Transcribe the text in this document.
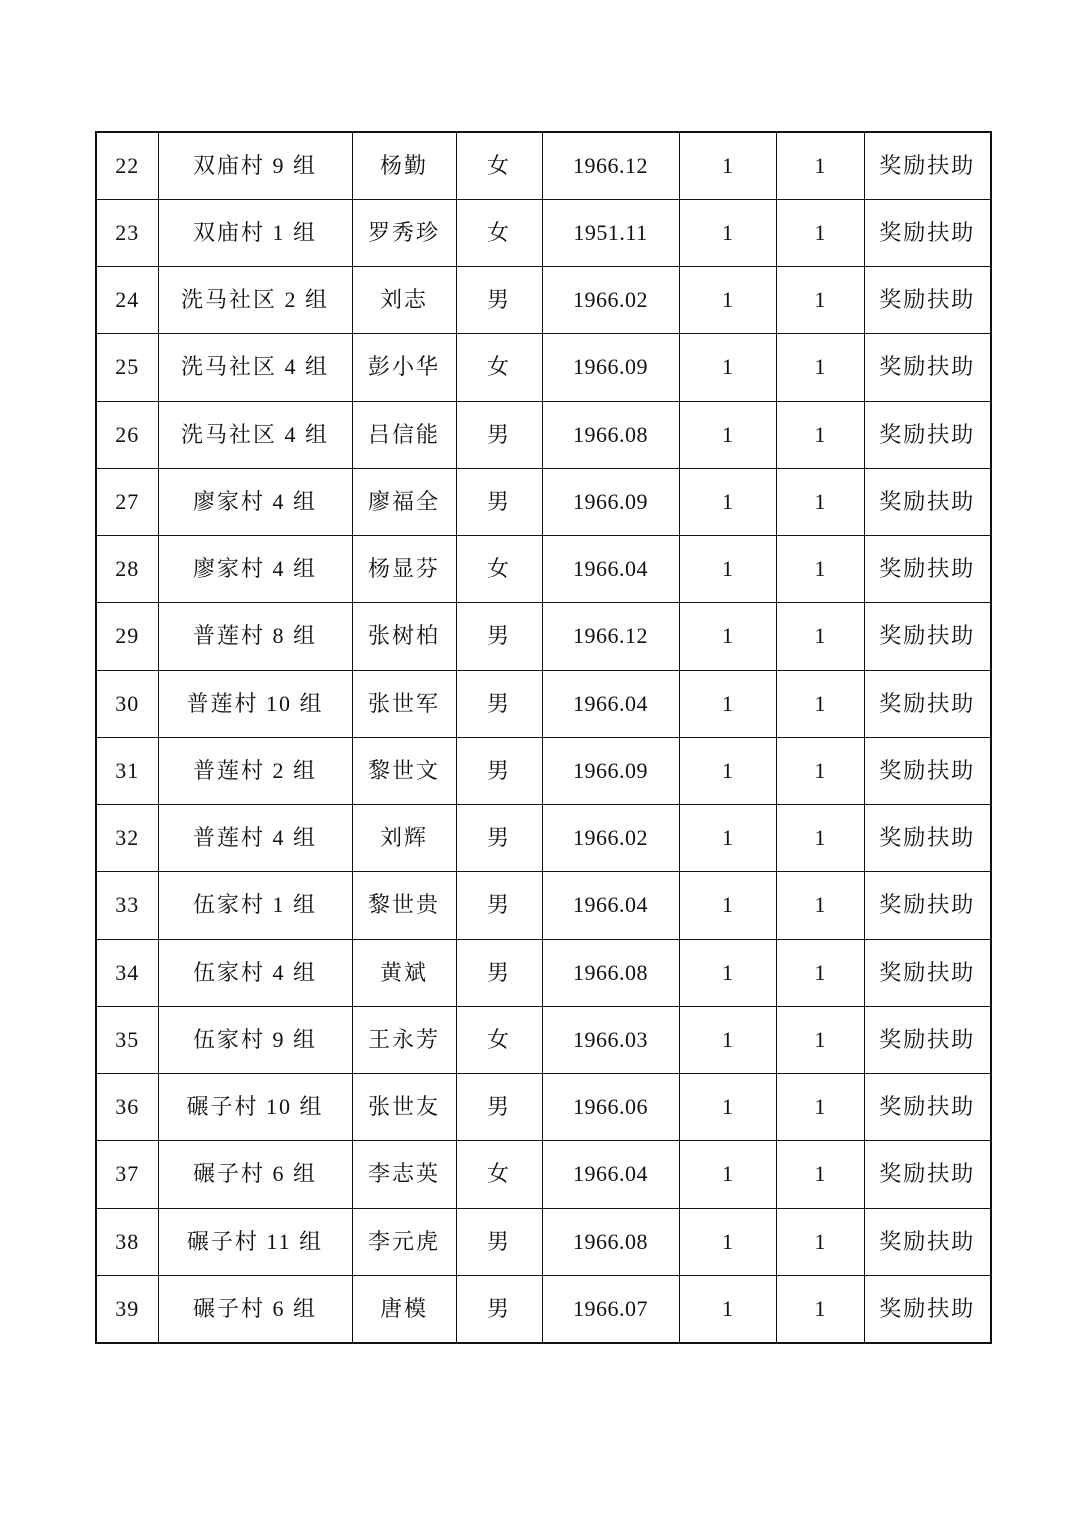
22	双庙村 9 组	杨勤	女	1966.12	1	1	奖励扶助
23	双庙村 1 组	罗秀珍	女	1951.11	1	1	奖励扶助
24	洗马社区 2 组	刘志	男	1966.02	1	1	奖励扶助
25	洗马社区 4 组	彭小华	女	1966.09	1	1	奖励扶助
26	洗马社区 4 组	吕信能	男	1966.08	1	1	奖励扶助
27	廖家村 4 组	廖福全	男	1966.09	1	1	奖励扶助
28	廖家村 4 组	杨显芬	女	1966.04	1	1	奖励扶助
29	普莲村 8 组	张树柏	男	1966.12	1	1	奖励扶助
30	普莲村 10 组	张世军	男	1966.04	1	1	奖励扶助
31	普莲村 2 组	黎世文	男	1966.09	1	1	奖励扶助
32	普莲村 4 组	刘辉	男	1966.02	1	1	奖励扶助
33	伍家村 1 组	黎世贵	男	1966.04	1	1	奖励扶助
34	伍家村 4 组	黄斌	男	1966.08	1	1	奖励扶助
35	伍家村 9 组	王永芳	女	1966.03	1	1	奖励扶助
36	碾子村 10 组	张世友	男	1966.06	1	1	奖励扶助
37	碾子村 6 组	李志英	女	1966.04	1	1	奖励扶助
38	碾子村 11 组	李元虎	男	1966.08	1	1	奖励扶助
39	碾子村 6 组	唐模	男	1966.07	1	1	奖励扶助
